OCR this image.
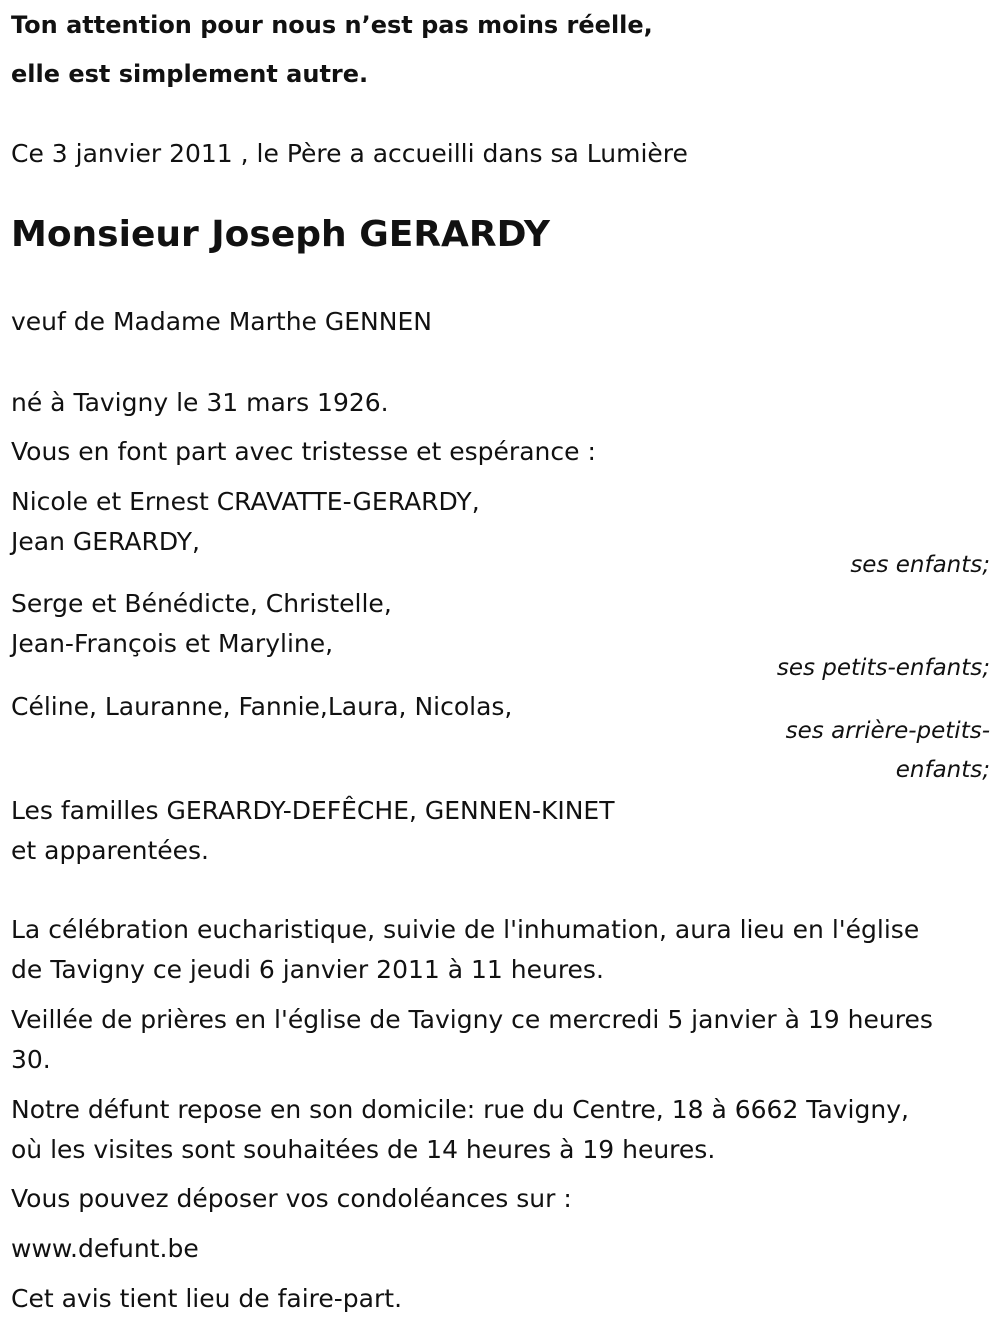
Ton attention pour nous n’est pas moins réelle,
elle est simplement autre.
Ce 3 janvier 2011 , le Père a accueilli dans sa Lumière
Monsieur Joseph GERARDY
veuf de Madame Marthe GENNEN
né à Tavigny le 31 mars 1926.
Vous en font part avec tristesse et espérance :
Nicole et Ernest CRAVATTE-GERARDY,
Jean GERARDY,
ses enfants;
Serge et Bénédicte, Christelle,
Jean-François et Maryline,
ses petits-enfants;
Céline, Lauranne, Fannie,Laura, Nicolas,
ses arrière-petits-
enfants;
Les familles GERARDY-DEFÊCHE, GENNEN-KINET
et apparentées.
La célébration eucharistique, suivie de l'inhumation, aura lieu en l'église
de Tavigny ce jeudi 6 janvier 2011 à 11 heures.
Veillée de prières en l'église de Tavigny ce mercredi 5 janvier à 19 heures
30.
Notre défunt repose en son domicile: rue du Centre, 18 à 6662 Tavigny,
où les visites sont souhaitées de 14 heures à 19 heures.
Vous pouvez déposer vos condoléances sur :
www.defunt.be
Cet avis tient lieu de faire-part.
